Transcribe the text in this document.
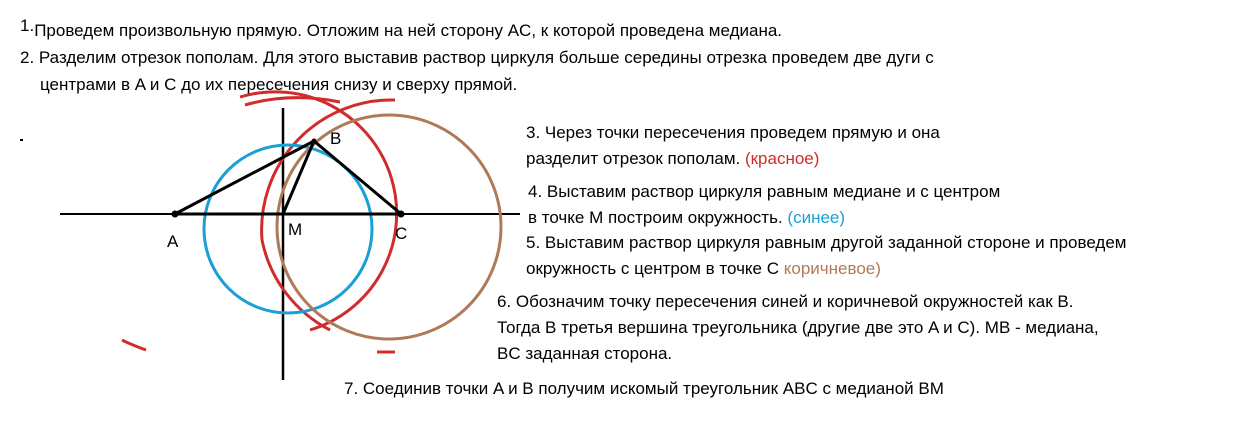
A
B
C
M
1.Проведем произвольную прямую. Отложим на ней сторону AC, к которой проведена медиана.
2. Разделим отрезок пополам. Для этого выставив раствор циркуля больше середины отрезка проведем две дуги с
центрами в A и C до их пересечения снизу и сверху прямой.
3. Через точки пересечения проведем прямую и она
разделит отрезок пополам. (красное)
4. Выставим раствор циркуля равным медиане и с центром
в точке M построим окружность. (синее)
5. Выставим раствор циркуля равным другой заданной стороне и проведем
окружность с центром в точке C коричневое)
6. Обозначим точку пересечения синей и коричневой окружностей как B.
Тогда B третья вершина треугольника (другие две это A и C). MB - медиана,
BC заданная сторона.
7. Соединив точки A и B получим искомый треугольник ABC с медианой BM
